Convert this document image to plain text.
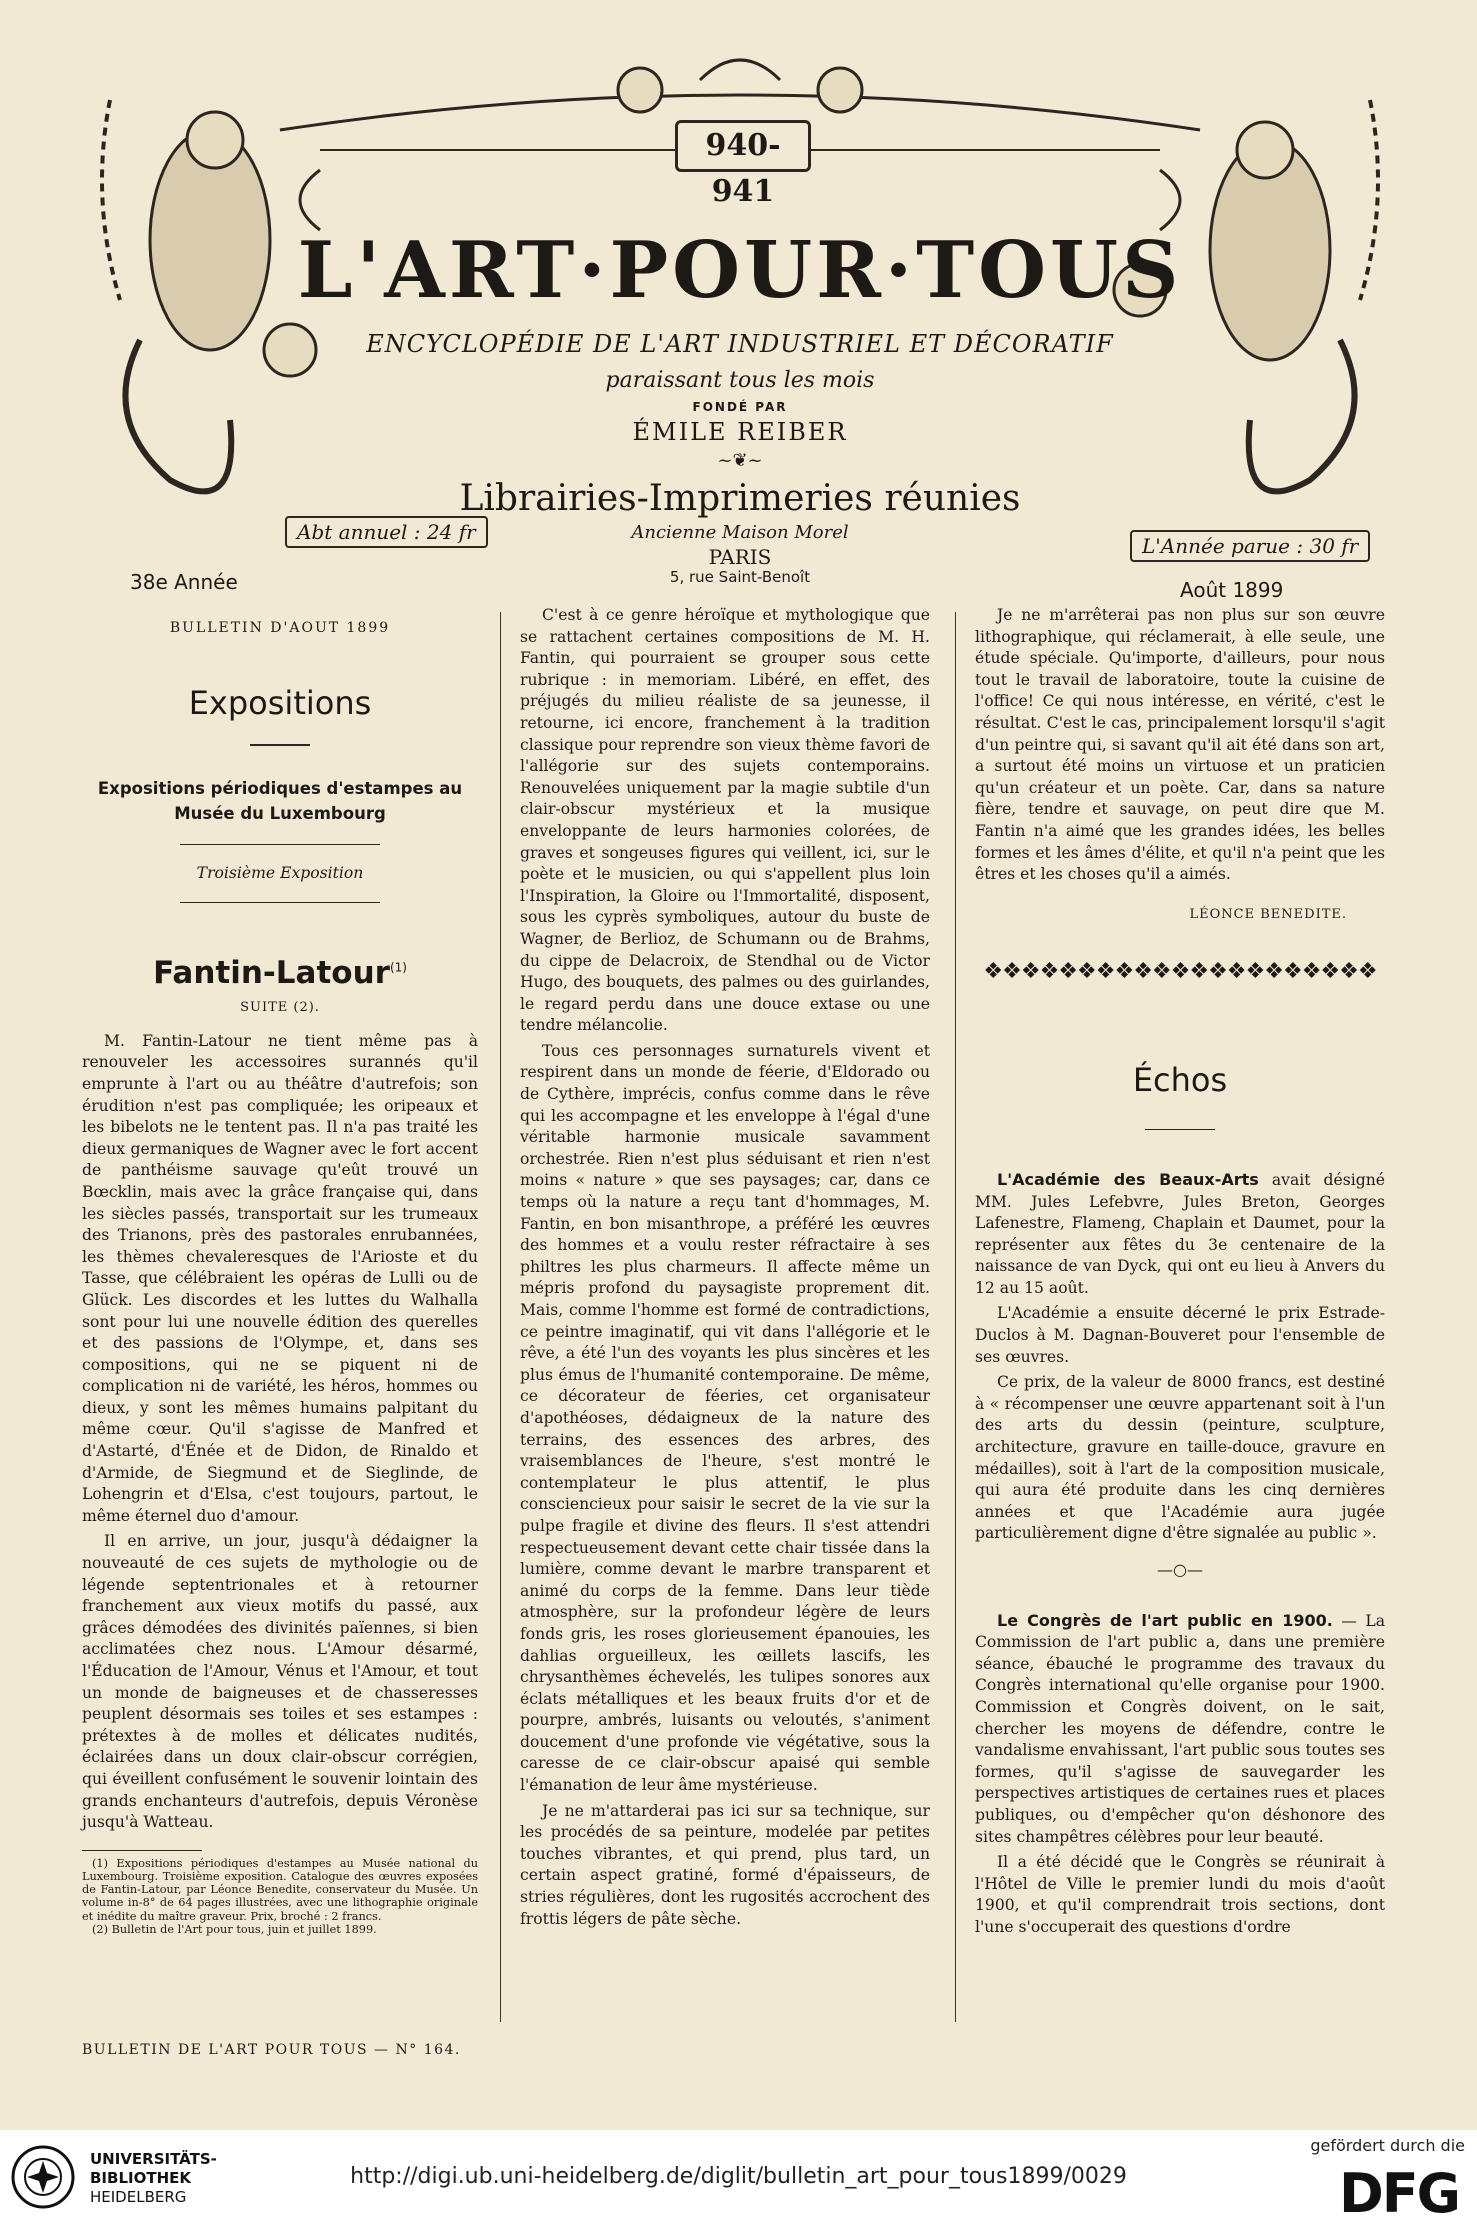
940-941
L'ART·POUR·TOUS
ENCYCLOPÉDIE DE L'ART INDUSTRIEL ET DÉCORATIF
paraissant tous les mois
FONDÉ PAR
ÉMILE REIBER
~❦~
Librairies-Imprimeries réunies
Ancienne Maison Morel
PARIS
5, rue Saint-Benoît
Abt annuel : 24 fr
L'Année parue : 30 fr
38e Année	Août 1899
BULLETIN D'AOUT 1899
Expositions
Expositions périodiques d'estampes au Musée du Luxembourg
Troisième Exposition
Fantin-Latour$^{(1)}$
SUITE (2).

M. Fantin-Latour ne tient même pas à renouveler les accessoires surannés qu'il emprunte à l'art ou au théâtre d'autrefois; son érudition n'est pas compliquée; les oripeaux et les bibelots ne le tentent pas. Il n'a pas traité les dieux germaniques de Wagner avec le fort accent de panthéisme sauvage qu'eût trouvé un Bœcklin, mais avec la grâce française qui, dans les siècles passés, transportait sur les trumeaux des Trianons, près des pastorales enrubannées, les thèmes chevaleresques de l'Arioste et du Tasse, que célébraient les opéras de Lulli ou de Glück. Les discordes et les luttes du Walhalla sont pour lui une nouvelle édition des querelles et des passions de l'Olympe, et, dans ses compositions, qui ne se piquent ni de complication ni de variété, les héros, hommes ou dieux, y sont les mêmes humains palpitant du même cœur. Qu'il s'agisse de Manfred et d'Astarté, d'Énée et de Didon, de Rinaldo et d'Armide, de Siegmund et de Sieglinde, de Lohengrin et d'Elsa, c'est toujours, partout, le même éternel duo d'amour.

Il en arrive, un jour, jusqu'à dédaigner la nouveauté de ces sujets de mythologie ou de légende septentrionales et à retourner franchement aux vieux motifs du passé, aux grâces démodées des divinités païennes, si bien acclimatées chez nous. L'Amour désarmé, l'Éducation de l'Amour, Vénus et l'Amour, et tout un monde de baigneuses et de chasseresses peuplent désormais ses toiles et ses estampes : prétextes à de molles et délicates nudités, éclairées dans un doux clair-obscur corrégien, qui éveillent confusément le souvenir lointain des grands enchanteurs d'autrefois, depuis Véronèse jusqu'à Watteau.

(1) Expositions périodiques d'estampes au Musée national du Luxembourg. Troisième exposition. Catalogue des œuvres exposées de Fantin-Latour, par Léonce Benedite, conservateur du Musée. Un volume in-8° de 64 pages illustrées, avec une lithographie originale et inédite du maître graveur. Prix, broché : 2 francs.

(2) Bulletin de l'Art pour tous, juin et juillet 1899.

C'est à ce genre héroïque et mythologique que se rattachent certaines compositions de M. H. Fantin, qui pourraient se grouper sous cette rubrique : in memoriam. Libéré, en effet, des préjugés du milieu réaliste de sa jeunesse, il retourne, ici encore, franchement à la tradition classique pour reprendre son vieux thème favori de l'allégorie sur des sujets contemporains. Renouvelées uniquement par la magie subtile d'un clair-obscur mystérieux et la musique enveloppante de leurs harmonies colorées, de graves et songeuses figures qui veillent, ici, sur le poète et le musicien, ou qui s'appellent plus loin l'Inspiration, la Gloire ou l'Immortalité, disposent, sous les cyprès symboliques, autour du buste de Wagner, de Berlioz, de Schumann ou de Brahms, du cippe de Delacroix, de Stendhal ou de Victor Hugo, des bouquets, des palmes ou des guirlandes, le regard perdu dans une douce extase ou une tendre mélancolie.

Tous ces personnages surnaturels vivent et respirent dans un monde de féerie, d'Eldorado ou de Cythère, imprécis, confus comme dans le rêve qui les accompagne et les enveloppe à l'égal d'une véritable harmonie musicale savamment orchestrée. Rien n'est plus séduisant et rien n'est moins « nature » que ses paysages; car, dans ce temps où la nature a reçu tant d'hommages, M. Fantin, en bon misanthrope, a préféré les œuvres des hommes et a voulu rester réfractaire à ses philtres les plus charmeurs. Il affecte même un mépris profond du paysagiste proprement dit. Mais, comme l'homme est formé de contradictions, ce peintre imaginatif, qui vit dans l'allégorie et le rêve, a été l'un des voyants les plus sincères et les plus émus de l'humanité contemporaine. De même, ce décorateur de féeries, cet organisateur d'apothéoses, dédaigneux de la nature des terrains, des essences des arbres, des vraisemblances de l'heure, s'est montré le contemplateur le plus attentif, le plus consciencieux pour saisir le secret de la vie sur la pulpe fragile et divine des fleurs. Il s'est attendri respectueusement devant cette chair tissée dans la lumière, comme devant le marbre transparent et animé du corps de la femme. Dans leur tiède atmosphère, sur la profondeur légère de leurs fonds gris, les roses glorieusement épanouies, les dahlias orgueilleux, les œillets lascifs, les chrysanthèmes échevelés, les tulipes sonores aux éclats métalliques et les beaux fruits d'or et de pourpre, ambrés, luisants ou veloutés, s'animent doucement d'une profonde vie végétative, sous la caresse de ce clair-obscur apaisé qui semble l'émanation de leur âme mystérieuse.

Je ne m'attarderai pas ici sur sa technique, sur les procédés de sa peinture, modelée par petites touches vibrantes, et qui prend, plus tard, un certain aspect gratiné, formé d'épaisseurs, de stries régulières, dont les rugosités accrochent des frottis légers de pâte sèche.

Je ne m'arrêterai pas non plus sur son œuvre lithographique, qui réclamerait, à elle seule, une étude spéciale. Qu'importe, d'ailleurs, pour nous tout le travail de laboratoire, toute la cuisine de l'office! Ce qui nous intéresse, en vérité, c'est le résultat. C'est le cas, principalement lorsqu'il s'agit d'un peintre qui, si savant qu'il ait été dans son art, a surtout été moins un virtuose et un praticien qu'un créateur et un poète. Car, dans sa nature fière, tendre et sauvage, on peut dire que M. Fantin n'a aimé que les grandes idées, les belles formes et les âmes d'élite, et qu'il n'a peint que les êtres et les choses qu'il a aimés.

LÉONCE BENEDITE.
❖❖❖❖❖❖❖❖❖❖❖❖❖❖❖❖❖❖❖❖❖
Échos

L'Académie des Beaux-Arts avait désigné MM. Jules Lefebvre, Jules Breton, Georges Lafenestre, Flameng, Chaplain et Daumet, pour la représenter aux fêtes du 3e centenaire de la naissance de van Dyck, qui ont eu lieu à Anvers du 12 au 15 août.

L'Académie a ensuite décerné le prix Estrade-Duclos à M. Dagnan-Bouveret pour l'ensemble de ses œuvres.

Ce prix, de la valeur de 8000 francs, est destiné à « récompenser une œuvre appartenant soit à l'un des arts du dessin (peinture, sculpture, architecture, gravure en taille-douce, gravure en médailles), soit à l'art de la composition musicale, qui aura été produite dans les cinq dernières années et que l'Académie aura jugée particulièrement digne d'être signalée au public ».

—○—

Le Congrès de l'art public en 1900. — La Commission de l'art public a, dans une première séance, ébauché le programme des travaux du Congrès international qu'elle organise pour 1900. Commission et Congrès doivent, on le sait, chercher les moyens de défendre, contre le vandalisme envahissant, l'art public sous toutes ses formes, qu'il s'agisse de sauvegarder les perspectives artistiques de certaines rues et places publiques, ou d'empêcher qu'on déshonore des sites champêtres célèbres pour leur beauté.

Il a été décidé que le Congrès se réunirait à l'Hôtel de Ville le premier lundi du mois d'août 1900, et qu'il comprendrait trois sections, dont l'une s'occuperait des questions d'ordre

BULLETIN DE L'ART POUR TOUS — N° 164.
UNIVERSITÄTS-
BIBLIOTHEK
HEIDELBERG
http://digi.ub.uni-heidelberg.de/diglit/bulletin_art_pour_tous1899/0029
gefördert durch die
DFG
